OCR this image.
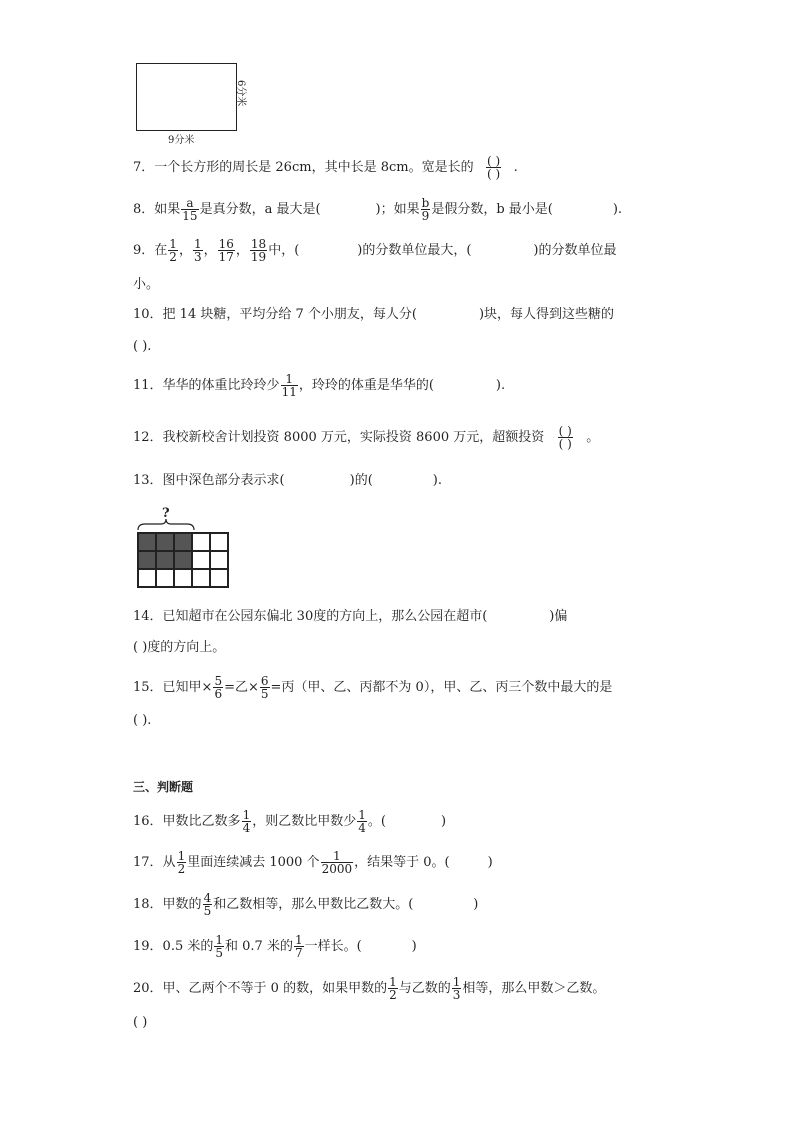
6分米
9分米
7． 一个长方形的周长是 26cm，其中长是 8cm。宽是长的 $\frac{( )}{( )}$ .
8． 如果 $\frac{a}{15}$ 是真分数，a 最大是(	)；如果 $\frac{b}{9}$ 是假分数，b 最小是(	).
9． 在 $\frac{1}{2}$ ， $\frac{1}{3}$ ， $\frac{16}{17}$ ， $\frac{18}{19}$ 中，(	)的分数单位最大，(	)的分数单位最
小。
10． 把 14 块糖，平均分给 7 个小朋友，每人分(	)块，每人得到这些糖的
( ).
11． 华华的体重比玲玲少 $\frac{1}{11}$ ，玲玲的体重是华华的(	).
12． 我校新校舍计划投资 8000 万元，实际投资 8600 万元，超额投资 $\frac{( )}{( )}$ 。
13． 图中深色部分表示求(	)的(	).
?
14． 已知超市在公园东偏北 30度的方向上，那么公园在超市(	)偏
( )度的方向上。
15． 已知甲× $\frac{5}{6}$ =乙× $\frac{6}{5}$ =丙（甲、乙、丙都不为 0），甲、乙、丙三个数中最大的是
( ).
三、判断题
16． 甲数比乙数多 $\frac{1}{4}$ ，则乙数比甲数少 $\frac{1}{4}$ 。(	)
17． 从 $\frac{1}{2}$ 里面连续减去 1000 个 $\frac{1}{2000}$ ，结果等于 0。(	)
18． 甲数的 $\frac{4}{5}$ 和乙数相等，那么甲数比乙数大。(	)
19． 0.5 米的 $\frac{1}{5}$ 和 0.7 米的 $\frac{1}{7}$ 一样长。(	)
20． 甲、乙两个不等于 0 的数，如果甲数的 $\frac{1}{2}$ 与乙数的 $\frac{1}{3}$ 相等，那么甲数＞乙数。
( )
